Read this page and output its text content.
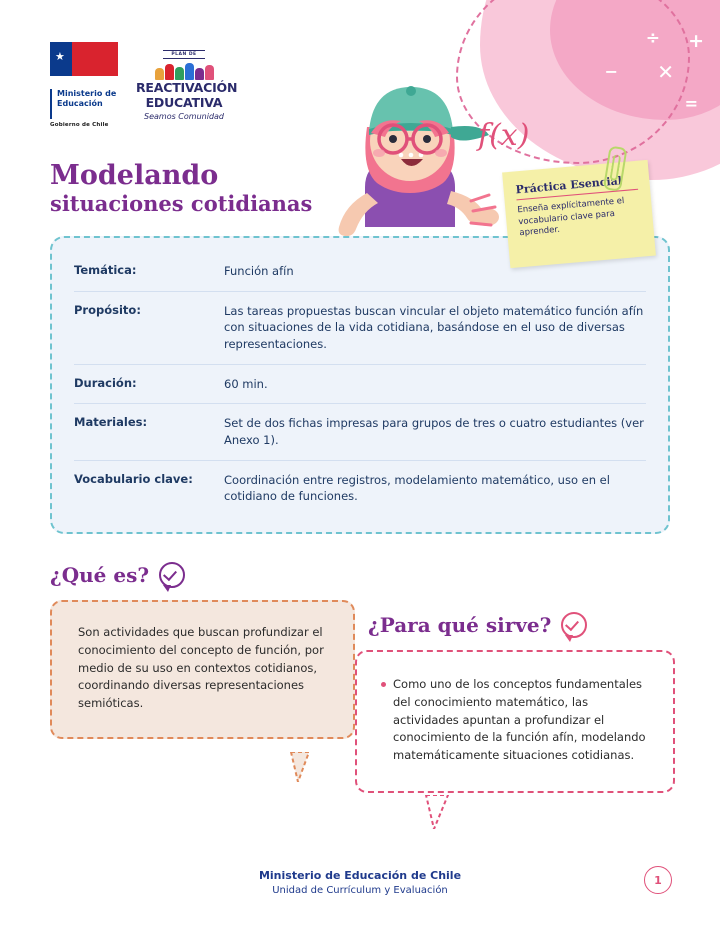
÷ +
− ✕
=
★
Ministerio de
Educación
Gobierno de Chile
PLAN DE
REACTIVACIÓN
EDUCATIVA
Seamos Comunidad
Modelando
situaciones cotidianas
f(x)
Práctica Esencial
Enseña explícitamente el vocabulario clave para aprender.
Temática:	Función afín
Propósito:	Las tareas propuestas buscan vincular el objeto matemático función afín con situaciones de la vida cotidiana, basándose en el uso de diversas representaciones.
Duración:	60 min.
Materiales:	Set de dos fichas impresas para grupos de tres o cuatro estudiantes (ver Anexo 1).
Vocabulario clave:	Coordinación entre registros, modelamiento matemático, uso en el cotidiano de funciones.
¿Qué es?
Son actividades que buscan profundizar el conocimiento del concepto de función, por medio de su uso en contextos cotidianos, coordinando diversas representaciones semióticas.
¿Para qué sirve?
Como uno de los conceptos fundamentales del conocimiento matemático, las actividades apuntan a profundizar el conocimiento de la función afín, modelando matemáticamente situaciones cotidianas.
Ministerio de Educación de Chile
Unidad de Currículum y Evaluación
1
